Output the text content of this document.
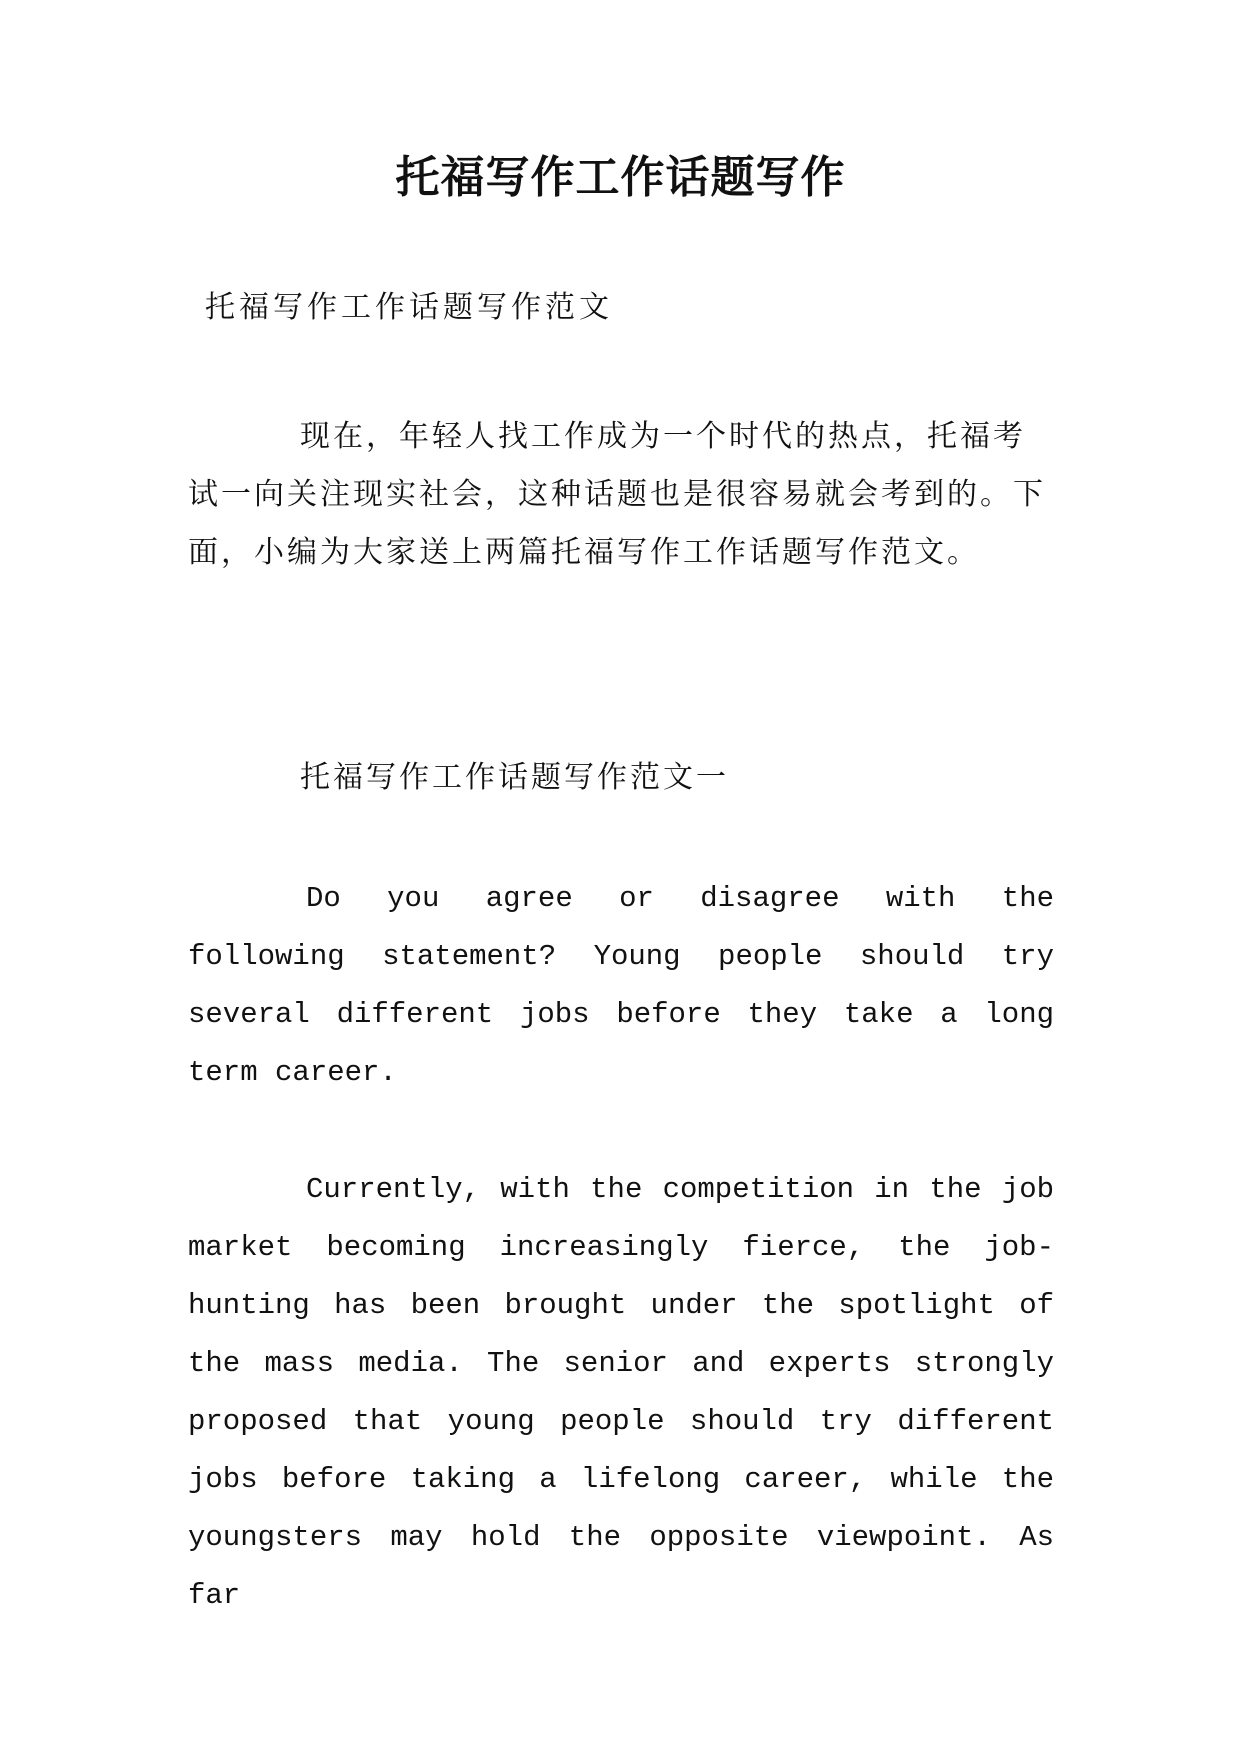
托福写作工作话题写作

托福写作工作话题写作范文

现在，年轻人找工作成为一个时代的热点，托福考试一向关注现实社会，这种话题也是很容易就会考到的。下面，小编为大家送上两篇托福写作工作话题写作范文。

托福写作工作话题写作范文一

Do you agree or disagree with the following statement? Young people should try several different jobs before they take a long term career.

Currently, with the competition in the job market becoming increasingly fierce, the job-hunting has been brought under the spotlight of the mass media. The senior and experts strongly proposed that young people should try different jobs before taking a lifelong career, while the youngsters may hold the opposite viewpoint. As far
